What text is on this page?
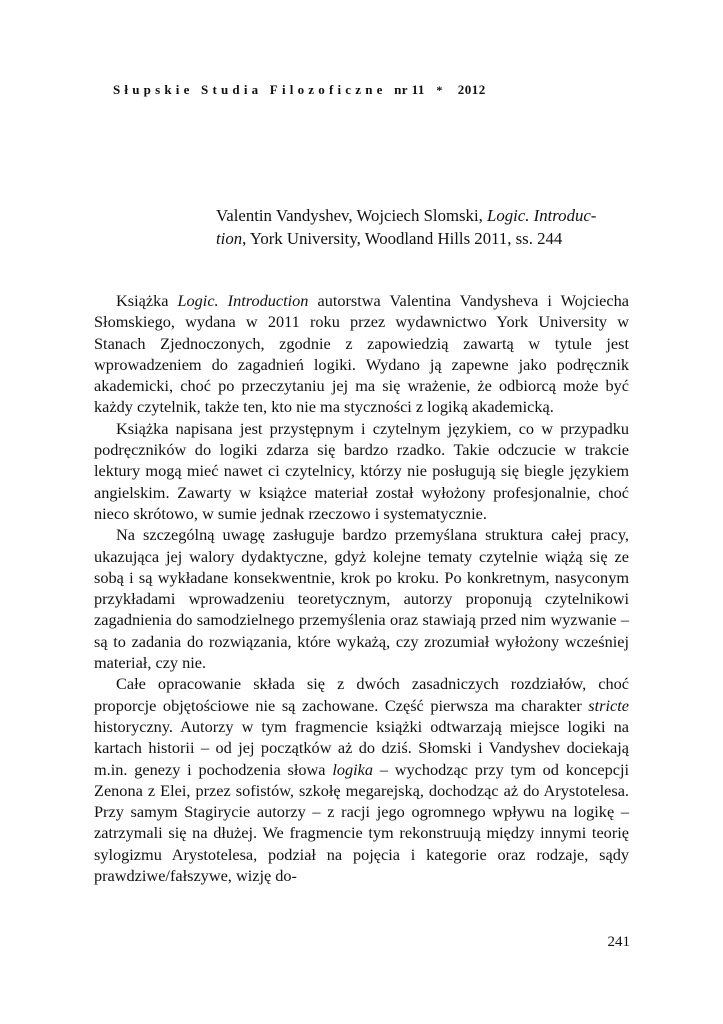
Słupskie Studia Filozoficzne nr 11 * 2012
Valentin Vandyshev, Wojciech Slomski, Logic. Introduc-
tion, York University, Woodland Hills 2011, ss. 244

Książka Logic. Introduction autorstwa Valentina Vandysheva i Wojciecha Słomskiego, wydana w 2011 roku przez wydawnictwo York University w Stanach Zjednoczonych, zgodnie z zapowiedzią zawartą w tytule jest wprowadzeniem do zagadnień logiki. Wydano ją zapewne jako podręcznik akademicki, choć po przeczytaniu jej ma się wrażenie, że odbiorcą może być każdy czytelnik, także ten, kto nie ma styczności z logiką akademicką.

Książka napisana jest przystępnym i czytelnym językiem, co w przypadku podręczników do logiki zdarza się bardzo rzadko. Takie odczucie w trakcie lektury mogą mieć nawet ci czytelnicy, którzy nie posługują się biegle językiem angielskim. Zawarty w książce materiał został wyłożony profesjonalnie, choć nieco skrótowo, w sumie jednak rzeczowo i systematycznie.

Na szczególną uwagę zasługuje bardzo przemyślana struktura całej pracy, ukazująca jej walory dydaktyczne, gdyż kolejne tematy czytelnie wiążą się ze sobą i są wykładane konsekwentnie, krok po kroku. Po konkretnym, nasyconym przykładami wprowadzeniu teoretycznym, autorzy proponują czytelnikowi zagadnienia do samodzielnego przemyślenia oraz stawiają przed nim wyzwanie – są to zadania do rozwiązania, które wykażą, czy zrozumiał wyłożony wcześniej materiał, czy nie.

Całe opracowanie składa się z dwóch zasadniczych rozdziałów, choć proporcje objętościowe nie są zachowane. Część pierwsza ma charakter stricte historyczny. Autorzy w tym fragmencie książki odtwarzają miejsce logiki na kartach historii – od jej początków aż do dziś. Słomski i Vandyshev dociekają m.in. genezy i pochodzenia słowa logika – wychodząc przy tym od koncepcji Zenona z Elei, przez sofistów, szkołę megarejską, dochodząc aż do Arystotelesa. Przy samym Stagirycie autorzy – z racji jego ogromnego wpływu na logikę – zatrzymali się na dłużej. We fragmencie tym rekonstruują między innymi teorię sylogizmu Arystotelesa, podział na pojęcia i kategorie oraz rodzaje, sądy prawdziwe/fałszywe, wizję do-

241
